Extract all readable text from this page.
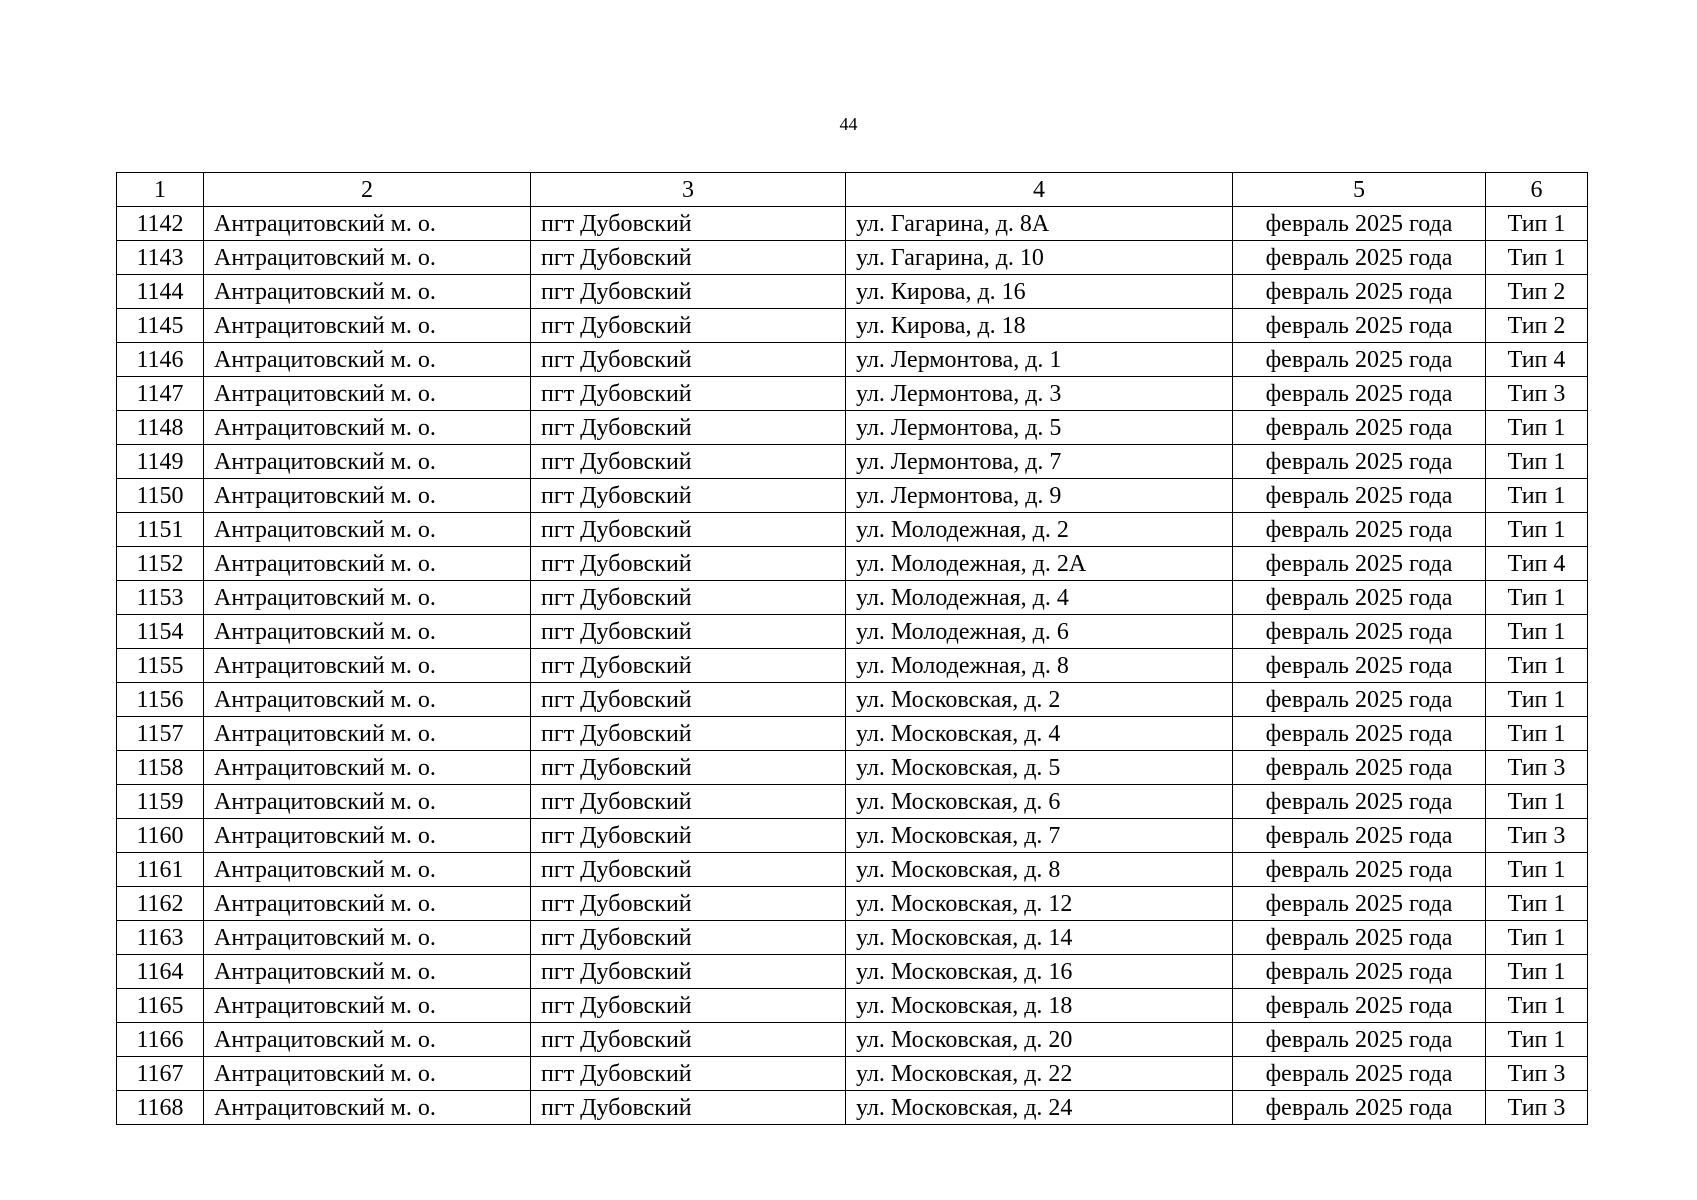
44
1	2	3	4	5	6
1142	Антрацитовский м. о.	пгт Дубовский	ул. Гагарина, д. 8А	февраль 2025 года	Тип 1
1143	Антрацитовский м. о.	пгт Дубовский	ул. Гагарина, д. 10	февраль 2025 года	Тип 1
1144	Антрацитовский м. о.	пгт Дубовский	ул. Кирова, д. 16	февраль 2025 года	Тип 2
1145	Антрацитовский м. о.	пгт Дубовский	ул. Кирова, д. 18	февраль 2025 года	Тип 2
1146	Антрацитовский м. о.	пгт Дубовский	ул. Лермонтова, д. 1	февраль 2025 года	Тип 4
1147	Антрацитовский м. о.	пгт Дубовский	ул. Лермонтова, д. 3	февраль 2025 года	Тип 3
1148	Антрацитовский м. о.	пгт Дубовский	ул. Лермонтова, д. 5	февраль 2025 года	Тип 1
1149	Антрацитовский м. о.	пгт Дубовский	ул. Лермонтова, д. 7	февраль 2025 года	Тип 1
1150	Антрацитовский м. о.	пгт Дубовский	ул. Лермонтова, д. 9	февраль 2025 года	Тип 1
1151	Антрацитовский м. о.	пгт Дубовский	ул. Молодежная, д. 2	февраль 2025 года	Тип 1
1152	Антрацитовский м. о.	пгт Дубовский	ул. Молодежная, д. 2А	февраль 2025 года	Тип 4
1153	Антрацитовский м. о.	пгт Дубовский	ул. Молодежная, д. 4	февраль 2025 года	Тип 1
1154	Антрацитовский м. о.	пгт Дубовский	ул. Молодежная, д. 6	февраль 2025 года	Тип 1
1155	Антрацитовский м. о.	пгт Дубовский	ул. Молодежная, д. 8	февраль 2025 года	Тип 1
1156	Антрацитовский м. о.	пгт Дубовский	ул. Московская, д. 2	февраль 2025 года	Тип 1
1157	Антрацитовский м. о.	пгт Дубовский	ул. Московская, д. 4	февраль 2025 года	Тип 1
1158	Антрацитовский м. о.	пгт Дубовский	ул. Московская, д. 5	февраль 2025 года	Тип 3
1159	Антрацитовский м. о.	пгт Дубовский	ул. Московская, д. 6	февраль 2025 года	Тип 1
1160	Антрацитовский м. о.	пгт Дубовский	ул. Московская, д. 7	февраль 2025 года	Тип 3
1161	Антрацитовский м. о.	пгт Дубовский	ул. Московская, д. 8	февраль 2025 года	Тип 1
1162	Антрацитовский м. о.	пгт Дубовский	ул. Московская, д. 12	февраль 2025 года	Тип 1
1163	Антрацитовский м. о.	пгт Дубовский	ул. Московская, д. 14	февраль 2025 года	Тип 1
1164	Антрацитовский м. о.	пгт Дубовский	ул. Московская, д. 16	февраль 2025 года	Тип 1
1165	Антрацитовский м. о.	пгт Дубовский	ул. Московская, д. 18	февраль 2025 года	Тип 1
1166	Антрацитовский м. о.	пгт Дубовский	ул. Московская, д. 20	февраль 2025 года	Тип 1
1167	Антрацитовский м. о.	пгт Дубовский	ул. Московская, д. 22	февраль 2025 года	Тип 3
1168	Антрацитовский м. о.	пгт Дубовский	ул. Московская, д. 24	февраль 2025 года	Тип 3
